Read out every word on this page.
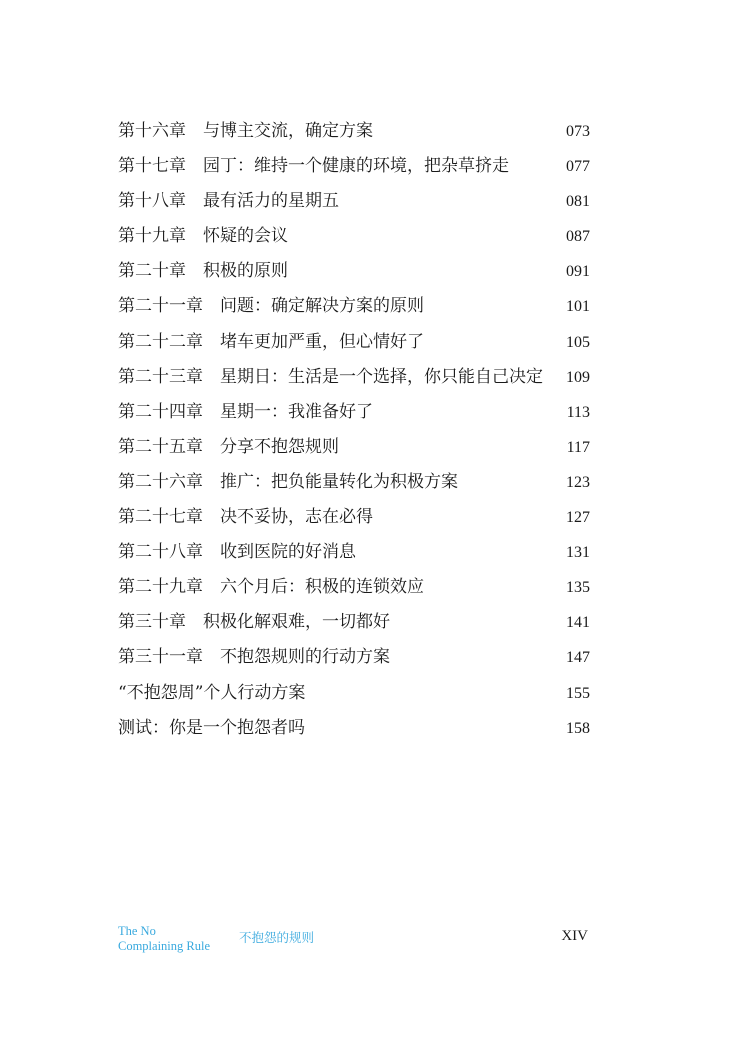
第十六章 与博主交流，确定方案	073
第十七章 园丁：维持一个健康的环境，把杂草挤走	077
第十八章 最有活力的星期五	081
第十九章 怀疑的会议	087
第二十章 积极的原则	091
第二十一章 问题：确定解决方案的原则	101
第二十二章 堵车更加严重，但心情好了	105
第二十三章 星期日：生活是一个选择，你只能自己决定	109
第二十四章 星期一：我准备好了	113
第二十五章 分享不抱怨规则	117
第二十六章 推广：把负能量转化为积极方案	123
第二十七章 决不妥协，志在必得	127
第二十八章 收到医院的好消息	131
第二十九章 六个月后：积极的连锁效应	135
第三十章 积极化解艰难，一切都好	141
第三十一章 不抱怨规则的行动方案	147
“不抱怨周”个人行动方案	155
测试：你是一个抱怨者吗	158
The No
Complaining Rule
不抱怨的规则	XIV
